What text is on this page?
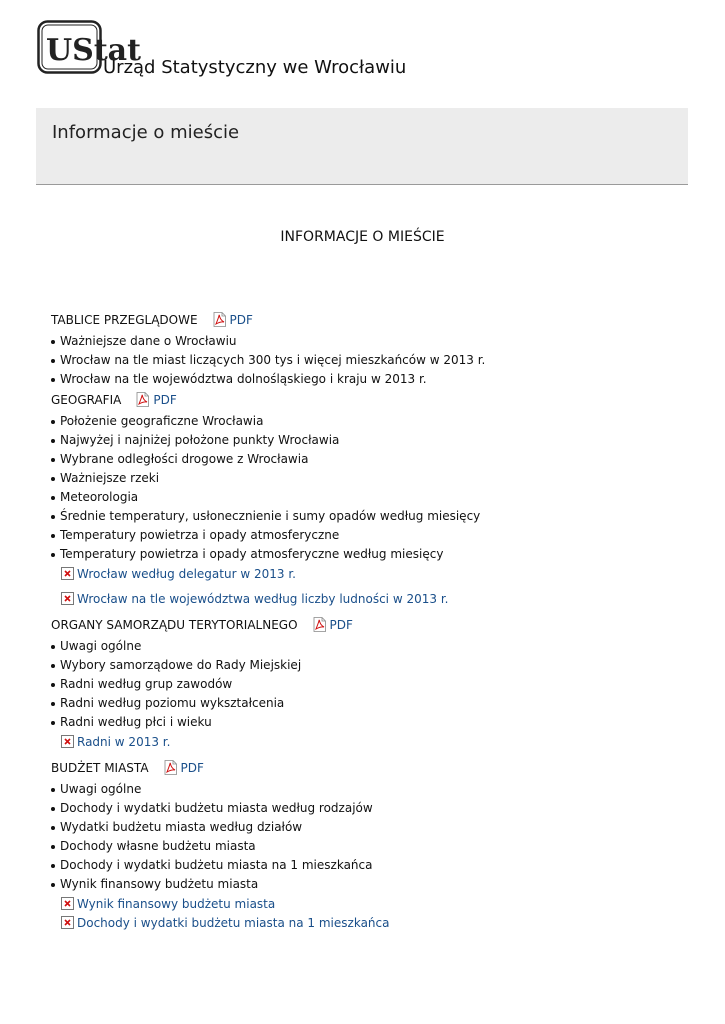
UStat
Urząd Statystyczny we Wrocławiu
Informacje o mieście
INFORMACJE O MIEŚCIE
TABLICE PRZEGLĄDOWE	PDF
Ważniejsze dane o Wrocławiu
Wrocław na tle miast liczących 300 tys i więcej mieszkańców w 2013 r.
Wrocław na tle województwa dolnośląskiego i kraju w 2013 r.
GEOGRAFIA	PDF
Położenie geograficzne Wrocławia
Najwyżej i najniżej położone punkty Wrocławia
Wybrane odległości drogowe z Wrocławia
Ważniejsze rzeki
Meteorologia
Średnie temperatury, usłonecznienie i sumy opadów według miesięcy
Temperatury powietrza i opady atmosferyczne
Temperatury powietrza i opady atmosferyczne według miesięcy
Wrocław według delegatur w 2013 r.
Wrocław na tle województwa według liczby ludności w 2013 r.
ORGANY SAMORZĄDU TERYTORIALNEGO	PDF
Uwagi ogólne
Wybory samorządowe do Rady Miejskiej
Radni według grup zawodów
Radni według poziomu wykształcenia
Radni według płci i wieku
Radni w 2013 r.
BUDŻET MIASTA	PDF
Uwagi ogólne
Dochody i wydatki budżetu miasta według rodzajów
Wydatki budżetu miasta według działów
Dochody własne budżetu miasta
Dochody i wydatki budżetu miasta na 1 mieszkańca
Wynik finansowy budżetu miasta
Wynik finansowy budżetu miasta
Dochody i wydatki budżetu miasta na 1 mieszkańca
